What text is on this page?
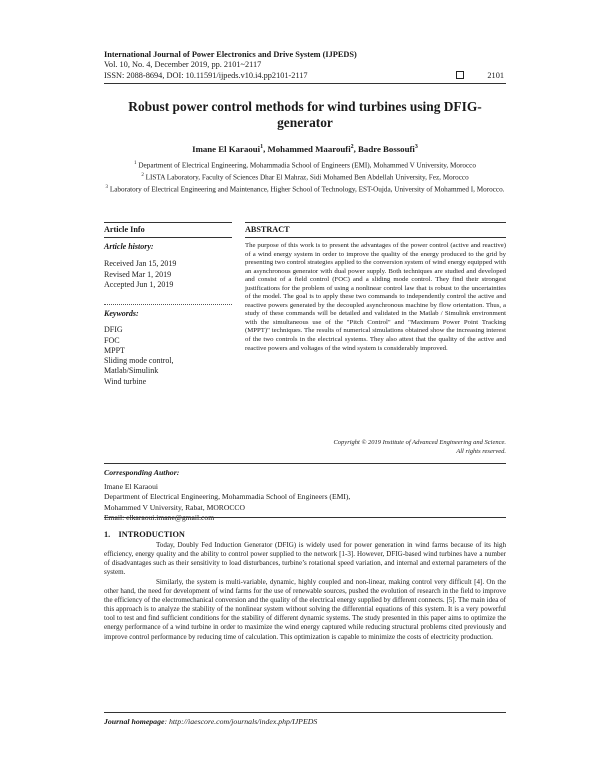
International Journal of Power Electronics and Drive System (IJPEDS)
Vol. 10, No. 4, December 2019, pp. 2101~2117
ISSN: 2088-8694, DOI: 10.11591/ijpeds.v10.i4.pp2101-2117	2101
Robust power control methods for wind turbines using DFIG-generator
Imane El Karaoui$^1$, Mohammed Maaroufi$^2$, Badre Bossoufi$^3$
$^1$ Department of Electrical Engineering, Mohammadia School of Engineers (EMI), Mohammed V University, Morocco
$^2$ LISTA Laboratory, Faculty of Sciences Dhar El Mahraz, Sidi Mohamed Ben Abdellah University, Fez, Morocco
$^3$ Laboratory of Electrical Engineering and Maintenance, Higher School of Technology, EST-Oujda, University of Mohammed I, Morocco.
Article Info	ABSTRACT
Article history:
Received Jan 15, 2019
Revised Mar 1, 2019
Accepted Jun 1, 2019
Keywords:
DFIG
FOC
MPPT
Sliding mode control,
Matlab/Simulink
Wind turbine
The purpose of this work is to present the advantages of the power control (active and reactive) of a wind energy system in order to improve the quality of the energy produced to the grid by presenting two control strategies applied to the conversion system of wind energy equipped with an asynchronous generator with dual power supply. Both techniques are studied and developed and consist of a field control (FOC) and a sliding mode control. They find their strongest justifications for the problem of using a nonlinear control law that is robust to the uncertainties of the model. The goal is to apply these two commands to independently control the active and reactive powers generated by the decoupled asynchronous machine by flow orientation. Thus, a study of these commands will be detailed and validated in the Matlab / Simulink environment with the simultaneous use of the "Pitch Control" and "Maximum Power Point Tracking (MPPT)" techniques. The results of numerical simulations obtained show the increasing interest of the two controls in the electrical systems. They also attest that the quality of the active and reactive powers and voltages of the wind system is considerably improved.
Copyright © 2019 Institute of Advanced Engineering and Science.
All rights reserved.
Corresponding Author:
Imane El Karaoui
Department of Electrical Engineering, Mohammadia School of Engineers (EMI),
Mohammed V University, Rabat, MOROCCO
Email: elkaraoui.imane@gmail.com
1.    INTRODUCTION

Today, Doubly Fed Induction Generator (DFIG) is widely used for power generation in wind farms because of its high efficiency, energy quality and the ability to control power supplied to the network [1-3]. However, DFIG-based wind turbines have a number of disadvantages such as their sensitivity to load disturbances, turbine’s rotational speed variation, and internal and external parameters of the system.

Similarly, the system is multi-variable, dynamic, highly coupled and non-linear, making control very difficult [4]. On the other hand, the need for development of wind farms for the use of renewable sources, pushed the evolution of research in the field to improve the efficiency of the electromechanical conversion and the quality of the electrical energy supplied by different connects. [5]. The main idea of this approach is to analyze the stability of the nonlinear system without solving the differential equations of this system. It is a very powerful tool to test and find sufficient conditions for the stability of different dynamic systems. The study presented in this paper aims to optimize the energy performance of a wind turbine in order to maximize the wind energy captured while reducing structural problems cited previously and improve control performance by reducing time of calculation. This optimization is capable to minimize the costs of electricity production.

Journal homepage: http://iaescore.com/journals/index.php/IJPEDS
